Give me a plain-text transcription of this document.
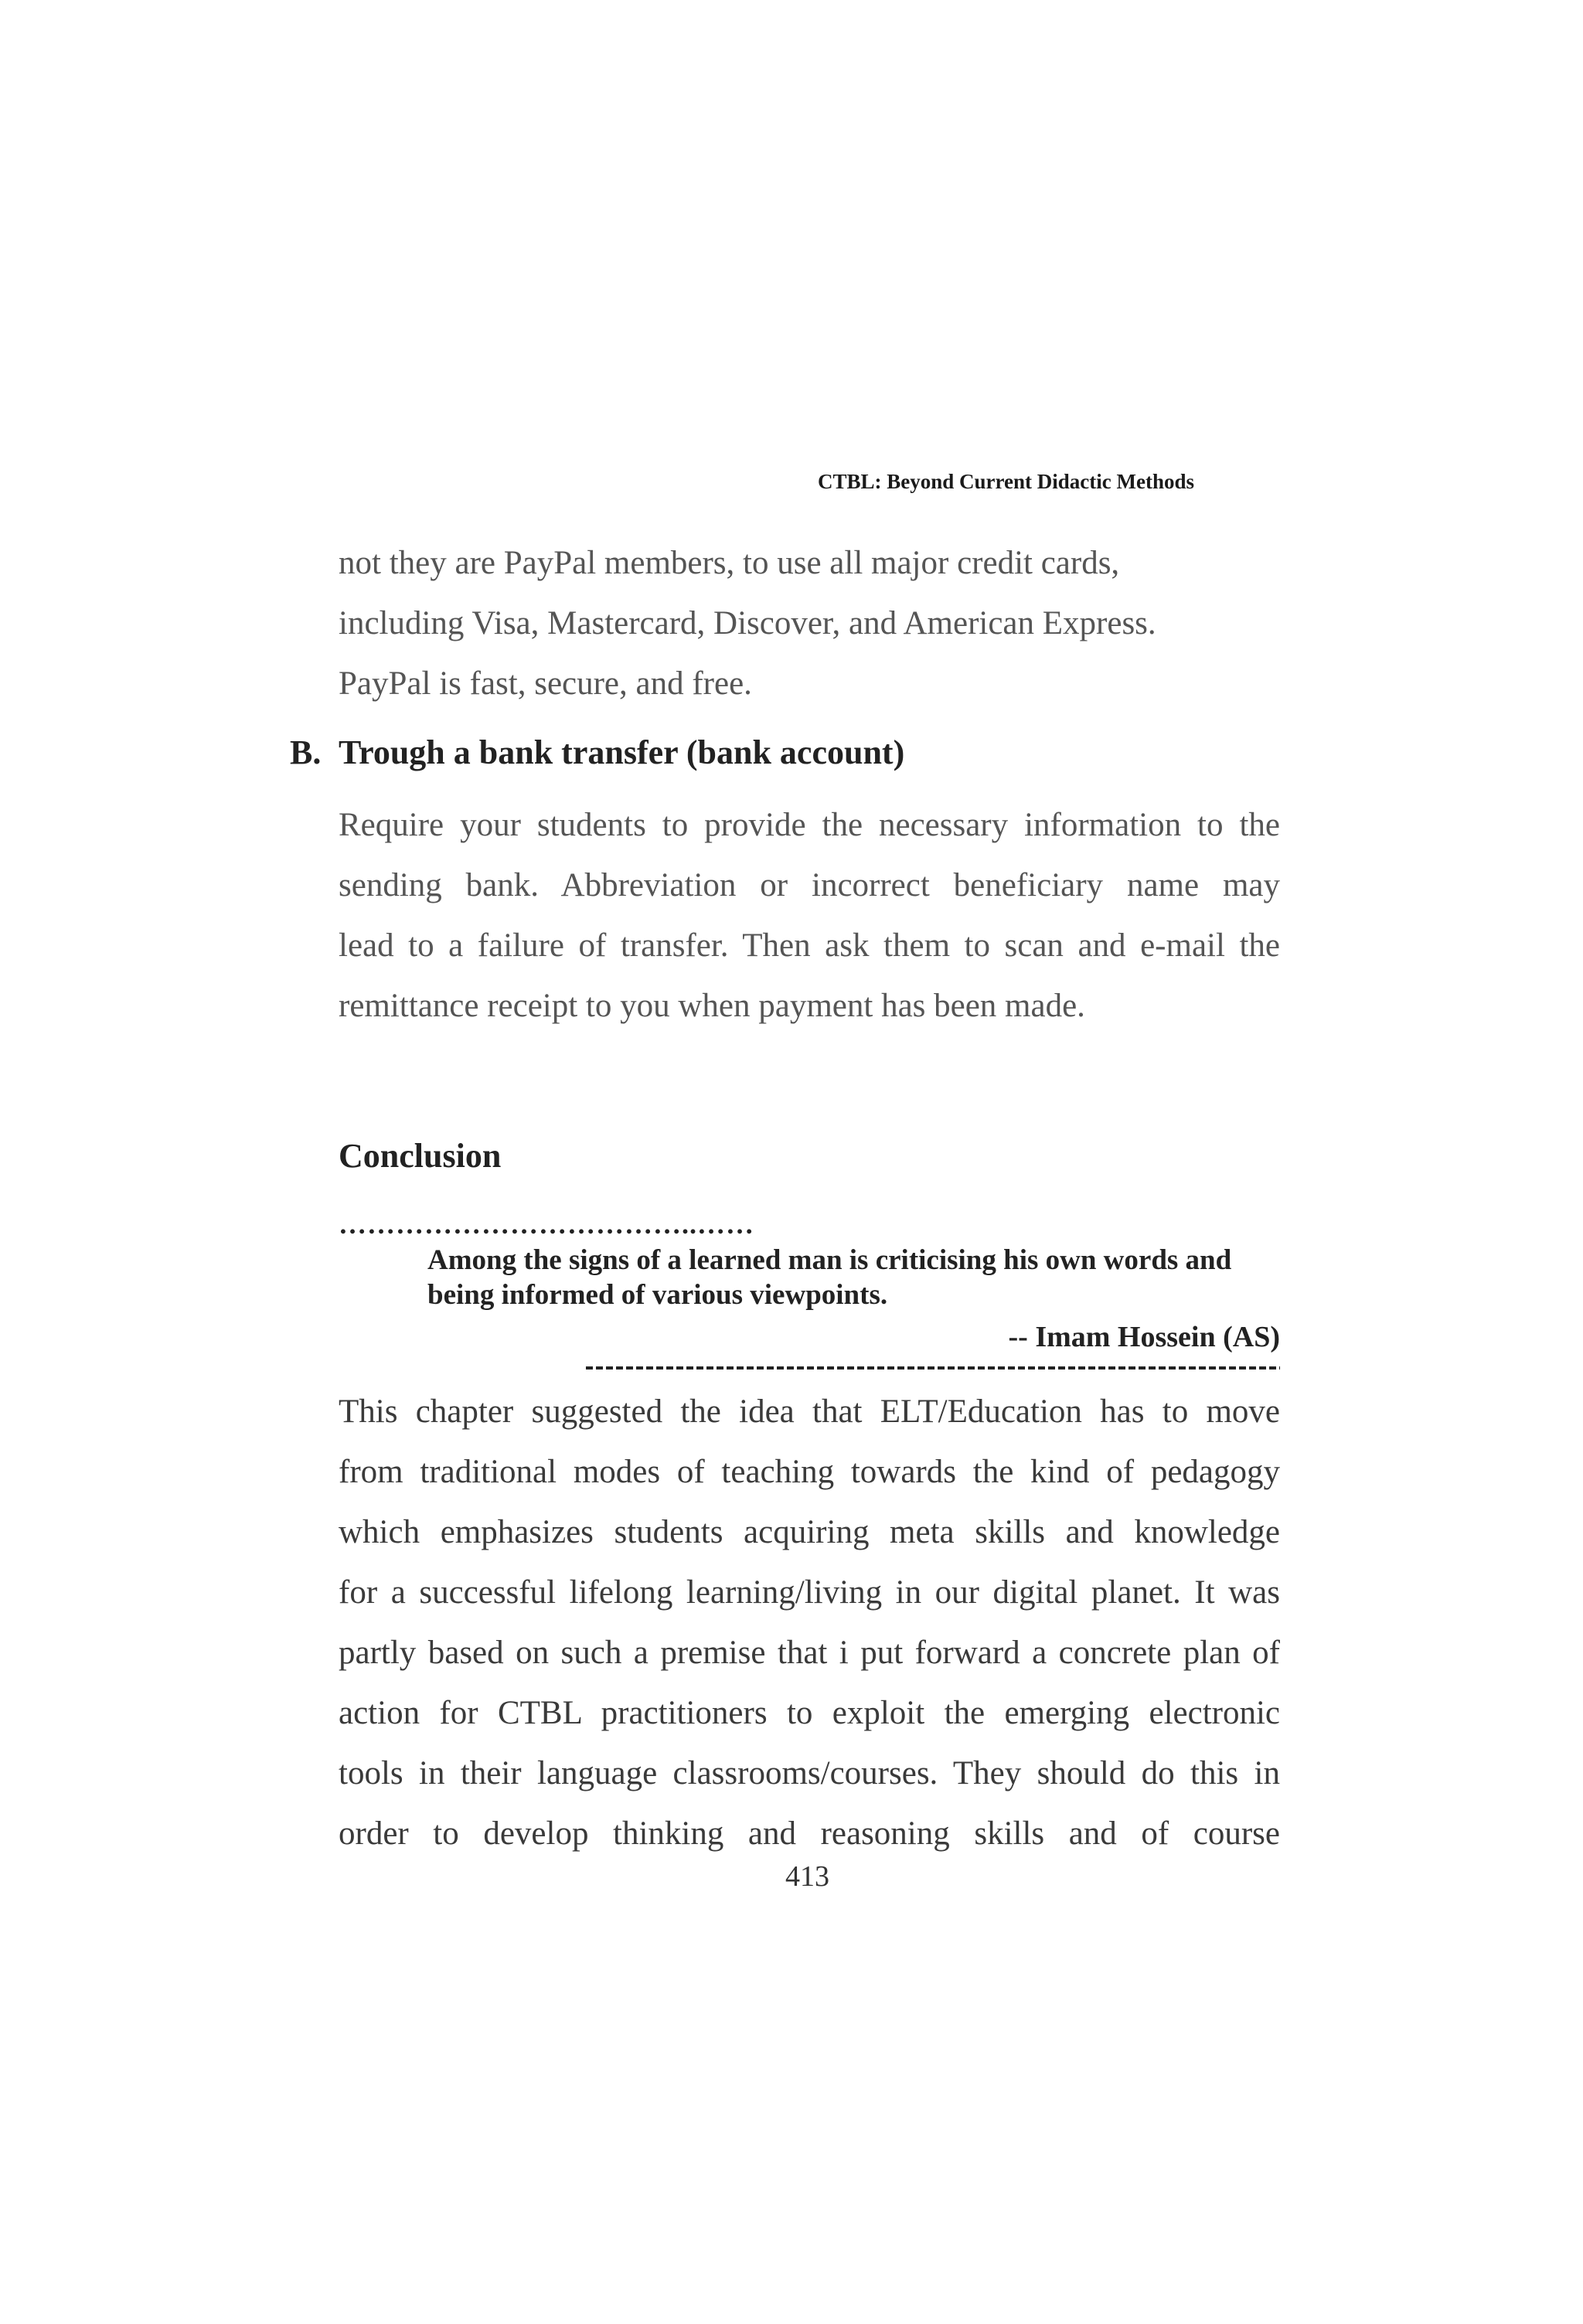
CTBL: Beyond Current Didactic Methods
not they are PayPal members, to use all major credit cards,
including Visa, Mastercard, Discover, and American Express.
PayPal is fast, secure, and free.
B. Trough a bank transfer (bank account)
Require your students to provide the necessary information to the
sending bank. Abbreviation or incorrect beneficiary name may
lead to a failure of transfer. Then ask them to scan and e-mail the
remittance receipt to you when payment has been made.
Conclusion
………………………………..……
Among the signs of a learned man is criticising his own words and being informed of various viewpoints.
-- Imam Hossein (AS)
This chapter suggested the idea that ELT/Education has to move
from traditional modes of teaching towards the kind of pedagogy
which emphasizes students acquiring meta skills and knowledge
for a successful lifelong learning/living in our digital planet. It was
partly based on such a premise that i put forward a concrete plan of
action for CTBL practitioners to exploit the emerging electronic
tools in their language classrooms/courses. They should do this in
order to develop thinking and reasoning skills and of course
413
